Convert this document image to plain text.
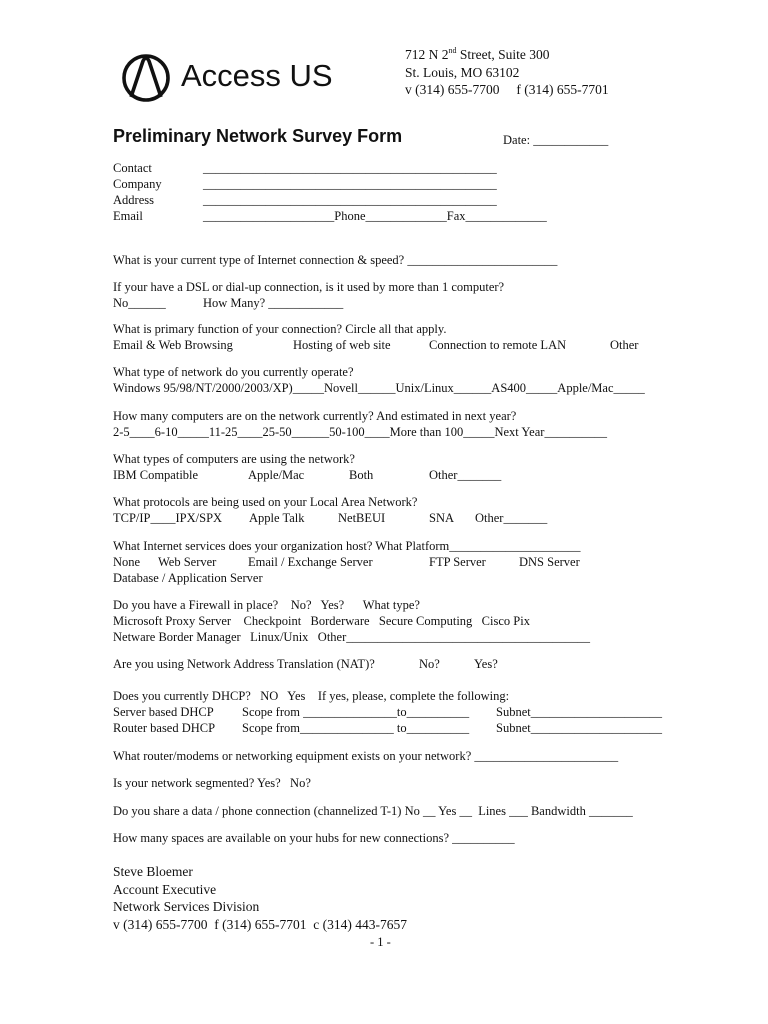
Access US
712 N 2nd Street, Suite 300
St. Louis, MO 63102
v (314) 655-7700     f (314) 655-7701
Preliminary Network Survey Form	Date: ____________
Contact	_______________________________________________
Company	_______________________________________________
Address	_______________________________________________
Email	_____________________Phone_____________Fax_____________
What is your current type of Internet connection & speed? ________________________
If your have a DSL or dial-up connection, is it used by more than 1 computer?
No______	How Many? ____________
What is primary function of your connection? Circle all that apply.
Email & Web Browsing	Hosting of web site	Connection to remote LAN	Other
What type of network do you currently operate?
Windows 95/98/NT/2000/2003/XP)_____Novell______Unix/Linux______AS400_____Apple/Mac_____
How many computers are on the network currently? And estimated in next year?
2-5____6-10_____11-25____25-50______50-100____More than 100_____Next Year__________
What types of computers are using the network?
IBM Compatible	Apple/Mac	Both	Other_______
What protocols are being used on your Local Area Network?
TCP/IP____IPX/SPX Apple Talk	NetBEUI	SNA Other_______
What Internet services does your organization host? What Platform_____________________
None Web Server	Email / Exchange Server	FTP Server	DNS Server
Database / Application Server
Do you have a Firewall in place?    No?   Yes?      What type?
Microsoft Proxy Server    Checkpoint   Borderware   Secure Computing   Cisco Pix
Netware Border Manager   Linux/Unix   Other_______________________________________
Are you using Network Address Translation (NAT)?	No?	Yes?
Does you currently DHCP?   NO   Yes    If yes, please, complete the following:
Server based DHCP Scope from _______________to__________ Subnet_____________________
Router based DHCP Scope from_______________ to__________ Subnet_____________________
What router/modems or networking equipment exists on your network? _______________________
Is your network segmented? Yes?   No?
Do you share a data / phone connection (channelized T-1) No __ Yes __  Lines ___ Bandwidth _______
How many spaces are available on your hubs for new connections? __________
Steve Bloemer
Account Executive
Network Services Division
v (314) 655-7700  f (314) 655-7701  c (314) 443-7657
- 1 -
